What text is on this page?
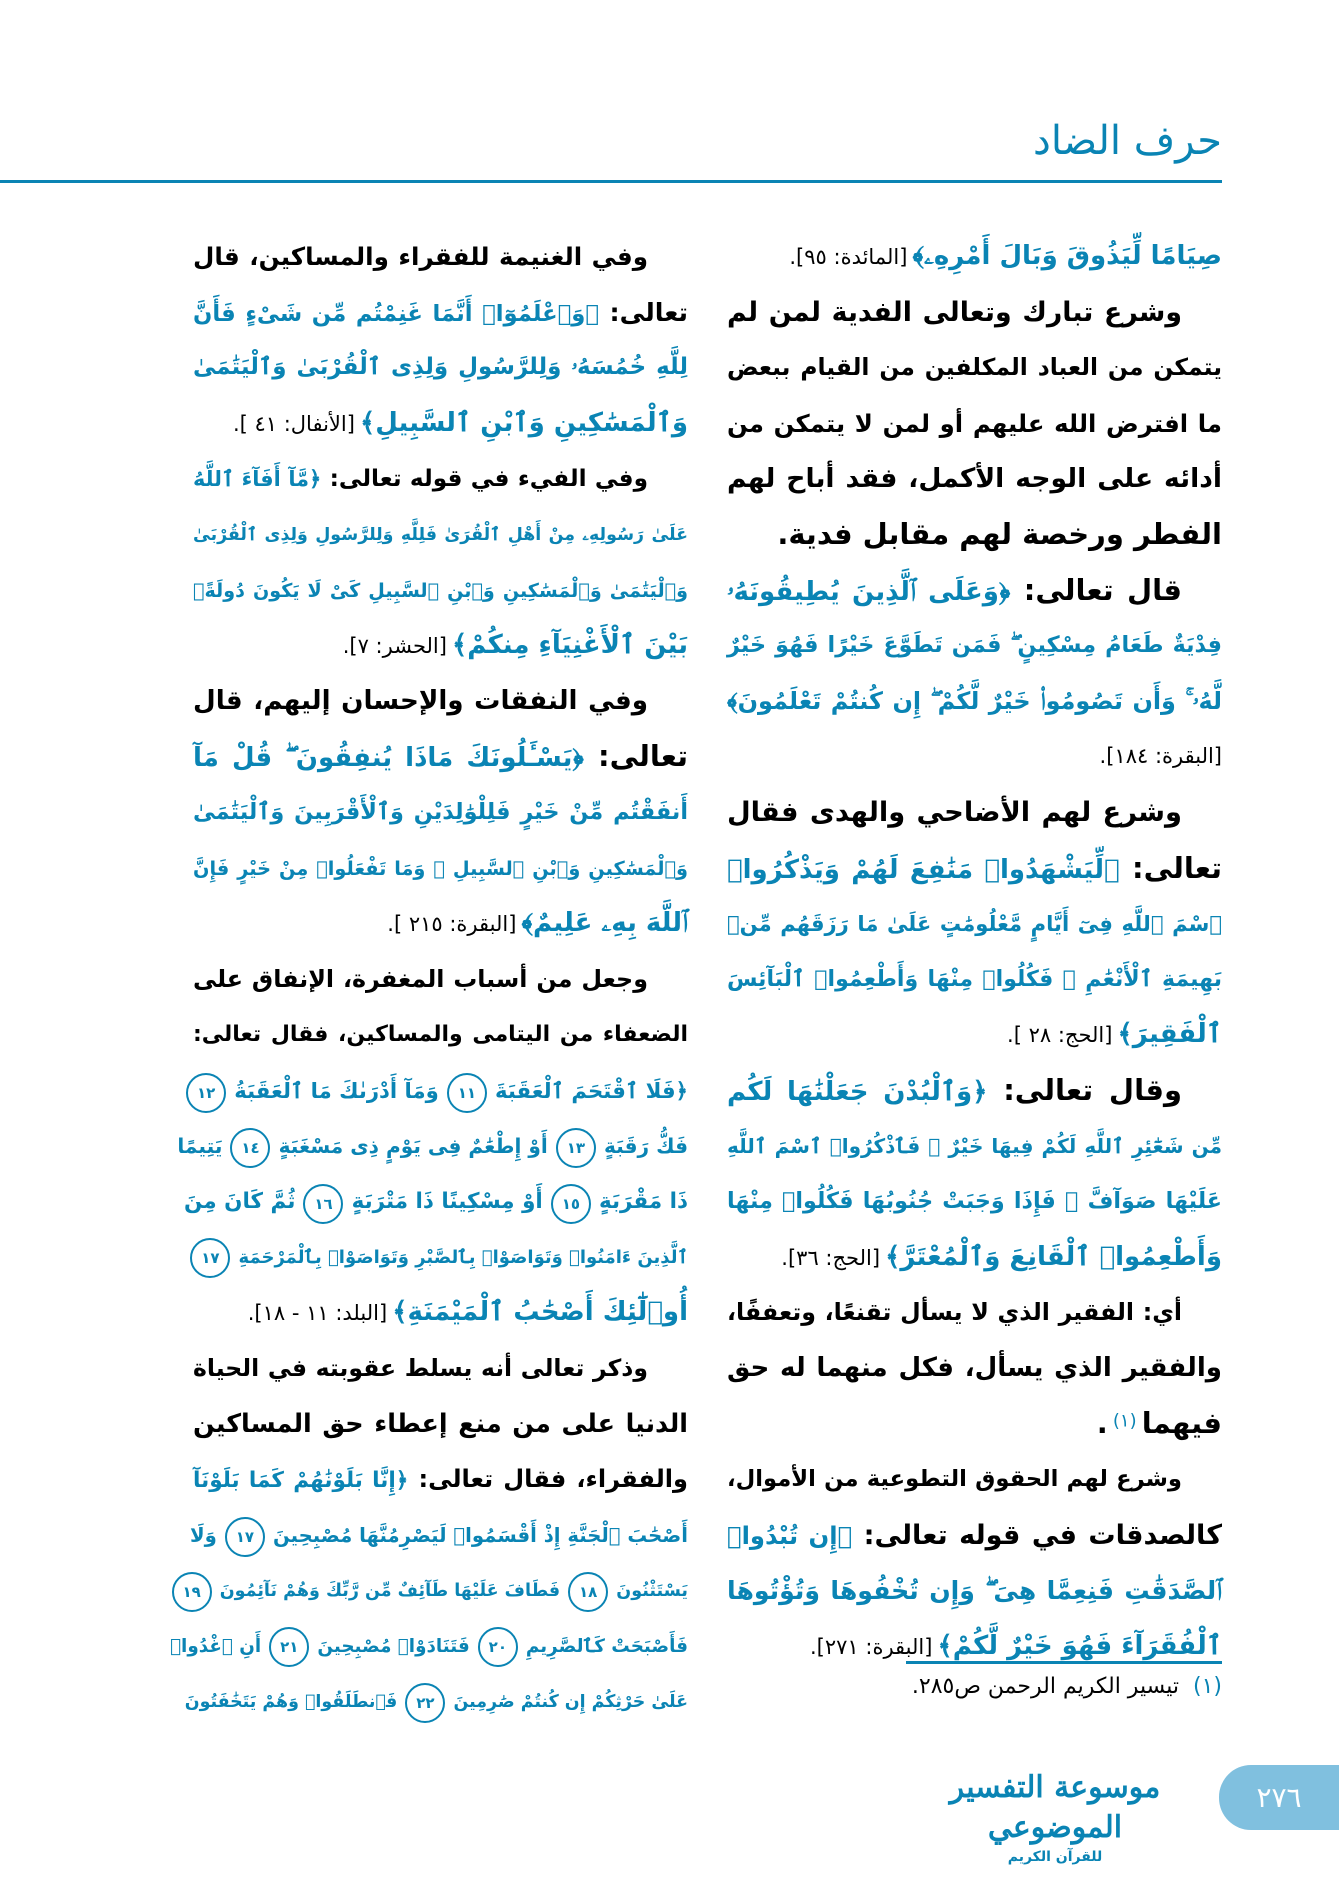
حرف الضاد
صِيَامًا لِّيَذُوقَ وَبَالَ أَمْرِهِۦ﴾ [المائدة: ٩٥].
وشرع تبارك وتعالى الفدية لمن لم
يتمكن من العباد المكلفين من القيام ببعض
ما افترض الله عليهم أو لمن لا يتمكن من
أدائه على الوجه الأكمل، فقد أباح لهم
الفطر ورخصة لهم مقابل فدية.
قال تعالى: ﴿وَعَلَى ٱلَّذِينَ يُطِيقُونَهُۥ
فِدْيَةٌ طَعَامُ مِسْكِينٍ ۖ فَمَن تَطَوَّعَ خَيْرًا فَهُوَ خَيْرٌ
لَّهُۥ ۚ وَأَن تَصُومُوا۟ خَيْرٌ لَّكُمْ ۖ إِن كُنتُمْ تَعْلَمُونَ﴾
[البقرة: ١٨٤].
وشرع لهم الأضاحي والهدى فقال
تعالى: ﴿لِّيَشْهَدُوا۟ مَنَٰفِعَ لَهُمْ وَيَذْكُرُوا۟
ٱسْمَ ٱللَّهِ فِىٓ أَيَّامٍ مَّعْلُومَٰتٍ عَلَىٰ مَا رَزَقَهُم مِّنۢ
بَهِيمَةِ ٱلْأَنْعَٰمِ ۖ فَكُلُوا۟ مِنْهَا وَأَطْعِمُوا۟ ٱلْبَآئِسَ
ٱلْفَقِيرَ﴾ [الحج: ٢٨ ].
وقال تعالى: ﴿وَٱلْبُدْنَ جَعَلْنَٰهَا لَكُم
مِّن شَعَٰٓئِرِ ٱللَّهِ لَكُمْ فِيهَا خَيْرٌ ۖ فَٱذْكُرُوا۟ ٱسْمَ ٱللَّهِ
عَلَيْهَا صَوَآفَّ ۖ فَإِذَا وَجَبَتْ جُنُوبُهَا فَكُلُوا۟ مِنْهَا
وَأَطْعِمُوا۟ ٱلْقَانِعَ وَٱلْمُعْتَرَّ﴾ [الحج: ٣٦].
أي: الفقير الذي لا يسأل تقنعًا، وتعففًا،
والفقير الذي يسأل، فكل منهما له حق
فيهما (١) .
وشرع لهم الحقوق التطوعية من الأموال،
كالصدقات في قوله تعالى: ﴿إِن تُبْدُوا۟
ٱلصَّدَقَٰتِ فَنِعِمَّا هِىَ ۖ وَإِن تُخْفُوهَا وَتُؤْتُوهَا
ٱلْفُقَرَآءَ فَهُوَ خَيْرٌ لَّكُمْ﴾ [البقرة: ٢٧١].
وفي الغنيمة للفقراء والمساكين، قال
تعالى: ﴿وَٱعْلَمُوٓا۟ أَنَّمَا غَنِمْتُم مِّن شَىْءٍ فَأَنَّ
لِلَّهِ خُمُسَهُۥ وَلِلرَّسُولِ وَلِذِى ٱلْقُرْبَىٰ وَٱلْيَتَٰمَىٰ
وَٱلْمَسَٰكِينِ وَٱبْنِ ٱلسَّبِيلِ﴾ [الأنفال: ٤١ ].
وفي الفيء في قوله تعالى: ﴿مَّآ أَفَآءَ ٱللَّهُ
عَلَىٰ رَسُولِهِۦ مِنْ أَهْلِ ٱلْقُرَىٰ فَلِلَّهِ وَلِلرَّسُولِ وَلِذِى ٱلْقُرْبَىٰ
وَٱلْيَتَٰمَىٰ وَٱلْمَسَٰكِينِ وَٱبْنِ ٱلسَّبِيلِ كَىْ لَا يَكُونَ دُولَةًۢ
بَيْنَ ٱلْأَغْنِيَآءِ مِنكُمْ﴾ [الحشر: ٧].
وفي النفقات والإحسان إليهم، قال
تعالى: ﴿يَسْـَٔلُونَكَ مَاذَا يُنفِقُونَ ۖ قُلْ مَآ
أَنفَقْتُم مِّنْ خَيْرٍ فَلِلْوَٰلِدَيْنِ وَٱلْأَقْرَبِينَ وَٱلْيَتَٰمَىٰ
وَٱلْمَسَٰكِينِ وَٱبْنِ ٱلسَّبِيلِ ۗ وَمَا تَفْعَلُوا۟ مِنْ خَيْرٍ فَإِنَّ
ٱللَّهَ بِهِۦ عَلِيمٌ﴾ [البقرة: ٢١٥ ].
وجعل من أسباب المغفرة، الإنفاق على
الضعفاء من اليتامى والمساكين، فقال تعالى:
﴿فَلَا ٱقْتَحَمَ ٱلْعَقَبَةَ ١١ وَمَآ أَدْرَىٰكَ مَا ٱلْعَقَبَةُ ١٢
فَكُّ رَقَبَةٍ ١٣ أَوْ إِطْعَٰمٌ فِى يَوْمٍ ذِى مَسْغَبَةٍ ١٤ يَتِيمًا
ذَا مَقْرَبَةٍ ١٥ أَوْ مِسْكِينًا ذَا مَتْرَبَةٍ ١٦ ثُمَّ كَانَ مِنَ
ٱلَّذِينَ ءَامَنُوا۟ وَتَوَاصَوْا۟ بِٱلصَّبْرِ وَتَوَاصَوْا۟ بِٱلْمَرْحَمَةِ ١٧
أُو۟لَٰٓئِكَ أَصْحَٰبُ ٱلْمَيْمَنَةِ﴾ [البلد: ١١ - ١٨].
وذكر تعالى أنه يسلط عقوبته في الحياة
الدنيا على من منع إعطاء حق المساكين
والفقراء، فقال تعالى: ﴿إِنَّا بَلَوْنَٰهُمْ كَمَا بَلَوْنَآ
أَصْحَٰبَ ٱلْجَنَّةِ إِذْ أَقْسَمُوا۟ لَيَصْرِمُنَّهَا مُصْبِحِينَ ١٧ وَلَا
يَسْتَثْنُونَ ١٨ فَطَافَ عَلَيْهَا طَآئِفٌ مِّن رَّبِّكَ وَهُمْ نَآئِمُونَ ١٩
فَأَصْبَحَتْ كَٱلصَّرِيمِ ٢٠ فَتَنَادَوْا۟ مُصْبِحِينَ ٢١ أَنِ ٱغْدُوا۟
عَلَىٰ حَرْثِكُمْ إِن كُنتُمْ صَٰرِمِينَ ٢٢ فَٱنطَلَقُوا۟ وَهُمْ يَتَخَٰفَتُونَ
(١)تيسير الكريم الرحمن ص٢٨٥.
موسوعة التفسير الموضوعي
للقرآن الكريم
٢٧٦
